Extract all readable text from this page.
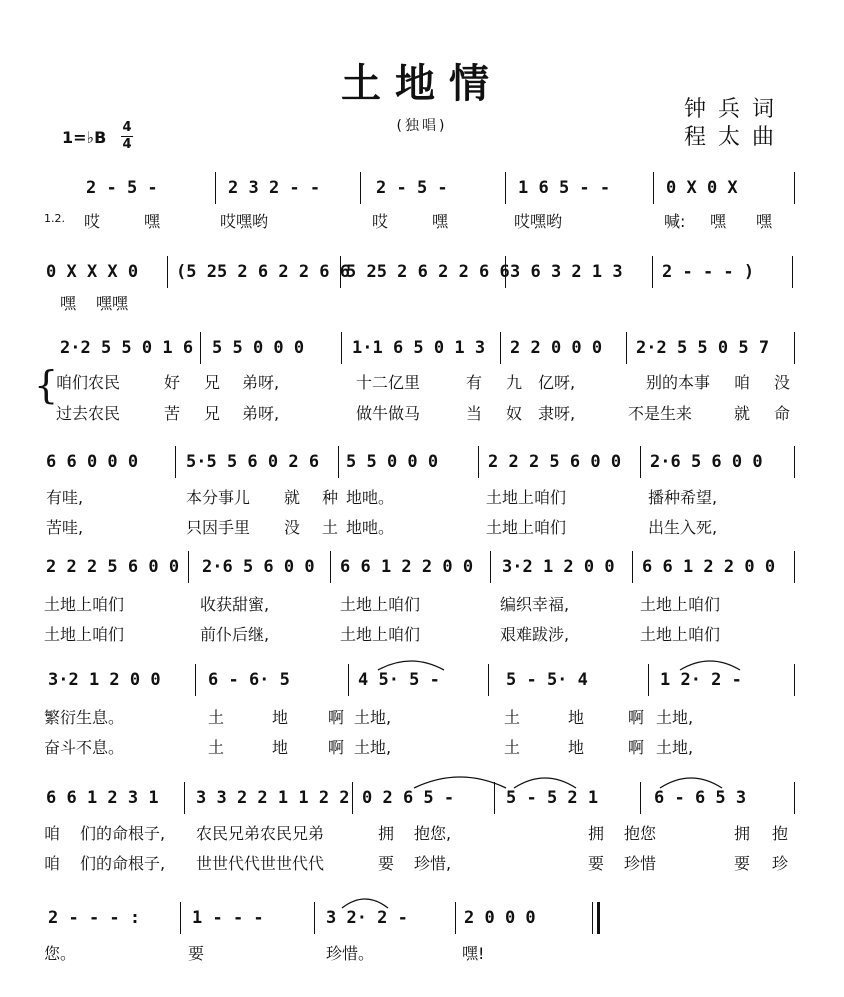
土地情
(独唱)
钟兵词
程太曲
1=♭B
4
4
2 - 5 -	2 3 2 - -	2 - 5 -	1 6 5 - -	0 X 0 X
1.2. 哎	嘿	哎嘿哟	哎	嘿	哎嘿哟	喊: 嘿 嘿
0 X X X 0 (5 25 2 6 2 2 6 6
5 25 2 6 2 2 6 6 3 6 3 2 1 3 2 - - - )
嘿 嘿嘿
2·2 5 5 0 1 6 5 5 0 0 0	1·1 6 5 0 1 3 2 2 0 0 0 2·2 5 5 0 5 7
{
咱们农民	好 兄 弟呀,	十二亿里	有 九 亿呀,	别的本事 咱 没
过去农民	苦 兄 弟呀,	做牛做马	当 奴 隶呀,	不是生来	就 命
6 6 0 0 0	5·5 5 6 0 2 6 5 5 0 0 0	2 2 2 5 6 0 0 2·6 5 6 0 0
有哇,	本分事儿 就 种 地吔。	土地上咱们	播种希望,
苦哇,	只因手里 没 土 地吔。	土地上咱们	出生入死,
2 2 2 5 6 0 0 2·6 5 6 0 0 6 6 1 2 2 0 0 3·2 1 2 0 0 6 6 1 2 2 0 0
土地上咱们	收获甜蜜,	土地上咱们	编织幸福,	土地上咱们
土地上咱们	前仆后继,	土地上咱们	艰难跋涉,	土地上咱们
3·2 1 2 0 0	6 - 6· 5	4 5· 5 -	5 - 5· 4	1 2· 2 -
繁衍生息。	土	地 啊 土地,	土	地	啊 土地,
奋斗不息。	土	地 啊 土地,	土	地	啊 土地,
6 6 1 2 3 1 3 3 2 2 1 1 2 2 0 2 6 5 -	5 - 5 2 1	6 - 6 5 3
咱 们的命根子, 农民兄弟农民兄弟	拥 抱您,	拥 抱您	拥 抱
咱 们的命根子, 世世代代世世代代	要 珍惜,	要 珍惜	要 珍
2 - - - :	1 - - -	3 2· 2 -	2 0 0 0
您。	要	珍惜。	嘿!
